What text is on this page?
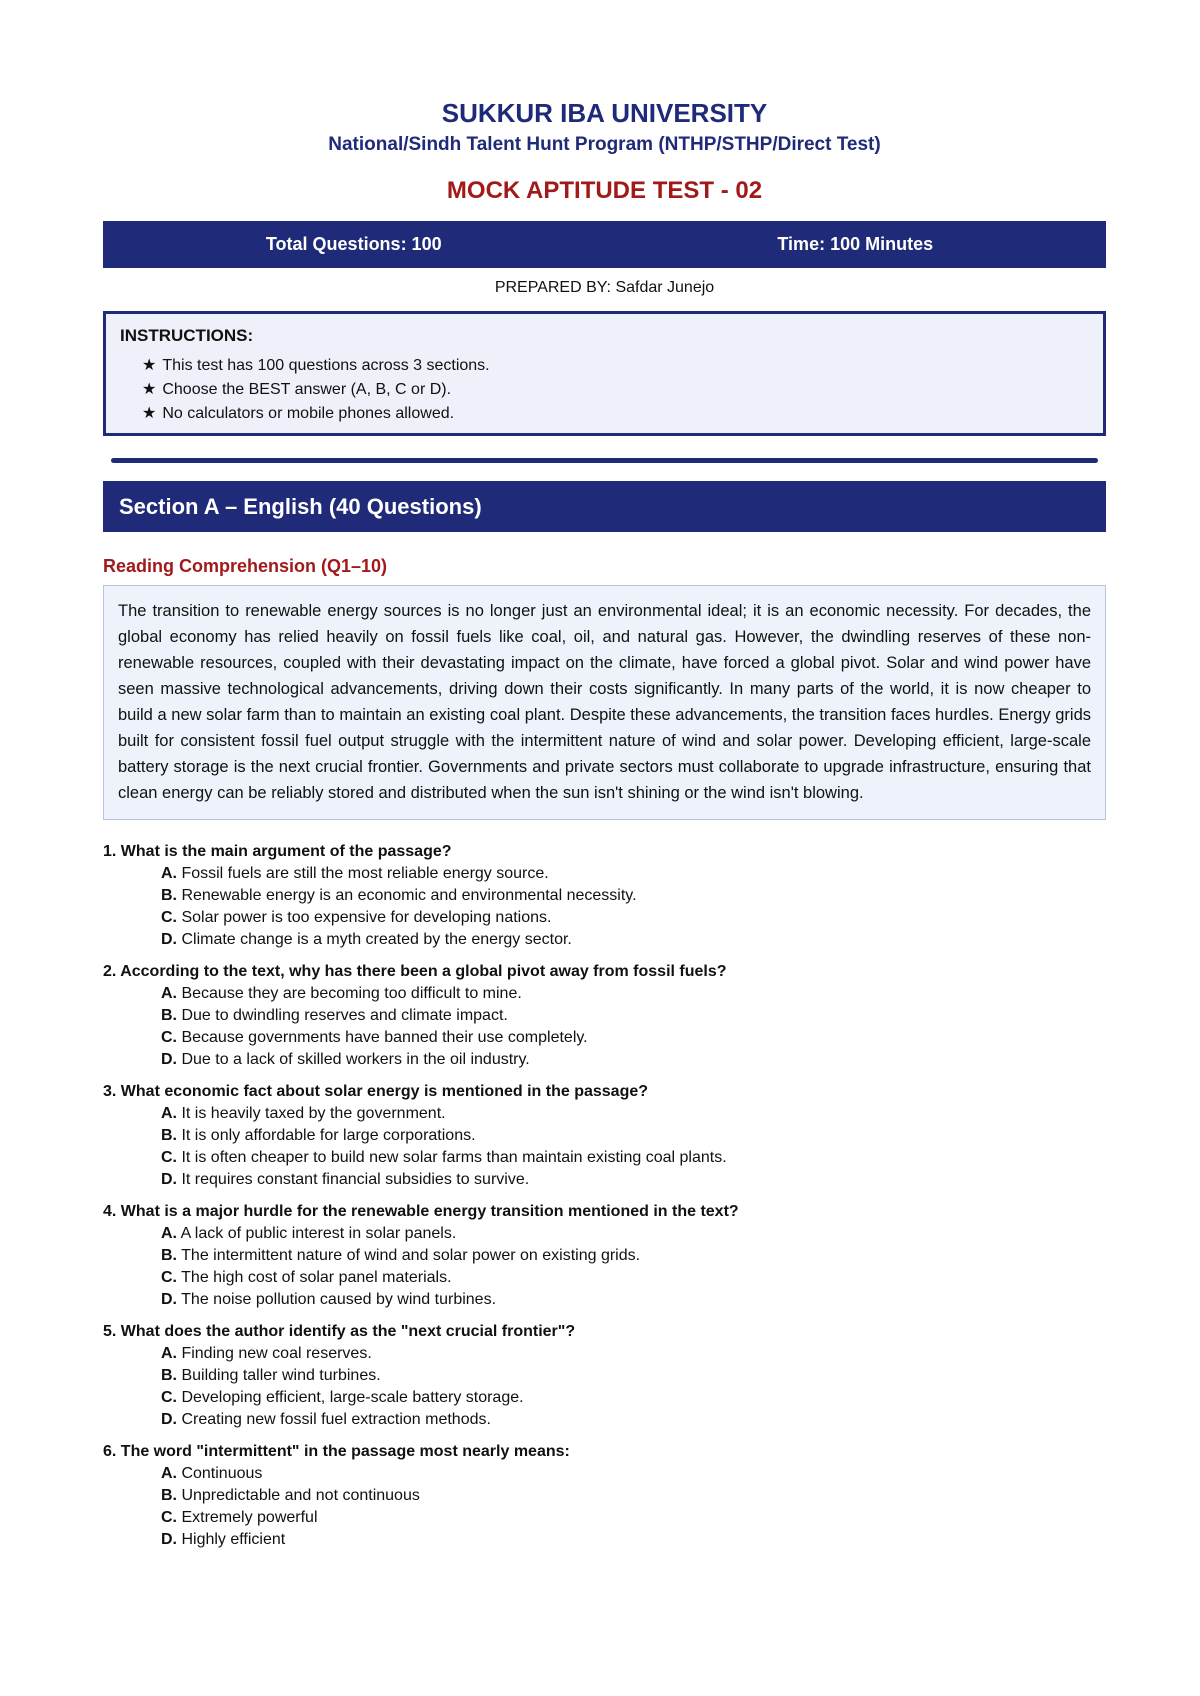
SUKKUR IBA UNIVERSITY
National/Sindh Talent Hunt Program (NTHP/STHP/Direct Test)
MOCK APTITUDE TEST - 02
Total Questions: 100	Time: 100 Minutes
PREPARED BY: Safdar Junejo
INSTRUCTIONS:
★ This test has 100 questions across 3 sections.
★ Choose the BEST answer (A, B, C or D).
★ No calculators or mobile phones allowed.
Section A – English (40 Questions)
Reading Comprehension (Q1–10)
The transition to renewable energy sources is no longer just an environmental ideal; it is an economic necessity. For decades, the global economy has relied heavily on fossil fuels like coal, oil, and natural gas. However, the dwindling reserves of these non-renewable resources, coupled with their devastating impact on the climate, have forced a global pivot. Solar and wind power have seen massive technological advancements, driving down their costs significantly. In many parts of the world, it is now cheaper to build a new solar farm than to maintain an existing coal plant. Despite these advancements, the transition faces hurdles. Energy grids built for consistent fossil fuel output struggle with the intermittent nature of wind and solar power. Developing efficient, large-scale battery storage is the next crucial frontier. Governments and private sectors must collaborate to upgrade infrastructure, ensuring that clean energy can be reliably stored and distributed when the sun isn't shining or the wind isn't blowing.
1. What is the main argument of the passage?
A. Fossil fuels are still the most reliable energy source.
B. Renewable energy is an economic and environmental necessity.
C. Solar power is too expensive for developing nations.
D. Climate change is a myth created by the energy sector.
2. According to the text, why has there been a global pivot away from fossil fuels?
A. Because they are becoming too difficult to mine.
B. Due to dwindling reserves and climate impact.
C. Because governments have banned their use completely.
D. Due to a lack of skilled workers in the oil industry.
3. What economic fact about solar energy is mentioned in the passage?
A. It is heavily taxed by the government.
B. It is only affordable for large corporations.
C. It is often cheaper to build new solar farms than maintain existing coal plants.
D. It requires constant financial subsidies to survive.
4. What is a major hurdle for the renewable energy transition mentioned in the text?
A. A lack of public interest in solar panels.
B. The intermittent nature of wind and solar power on existing grids.
C. The high cost of solar panel materials.
D. The noise pollution caused by wind turbines.
5. What does the author identify as the "next crucial frontier"?
A. Finding new coal reserves.
B. Building taller wind turbines.
C. Developing efficient, large-scale battery storage.
D. Creating new fossil fuel extraction methods.
6. The word "intermittent" in the passage most nearly means:
A. Continuous
B. Unpredictable and not continuous
C. Extremely powerful
D. Highly efficient
